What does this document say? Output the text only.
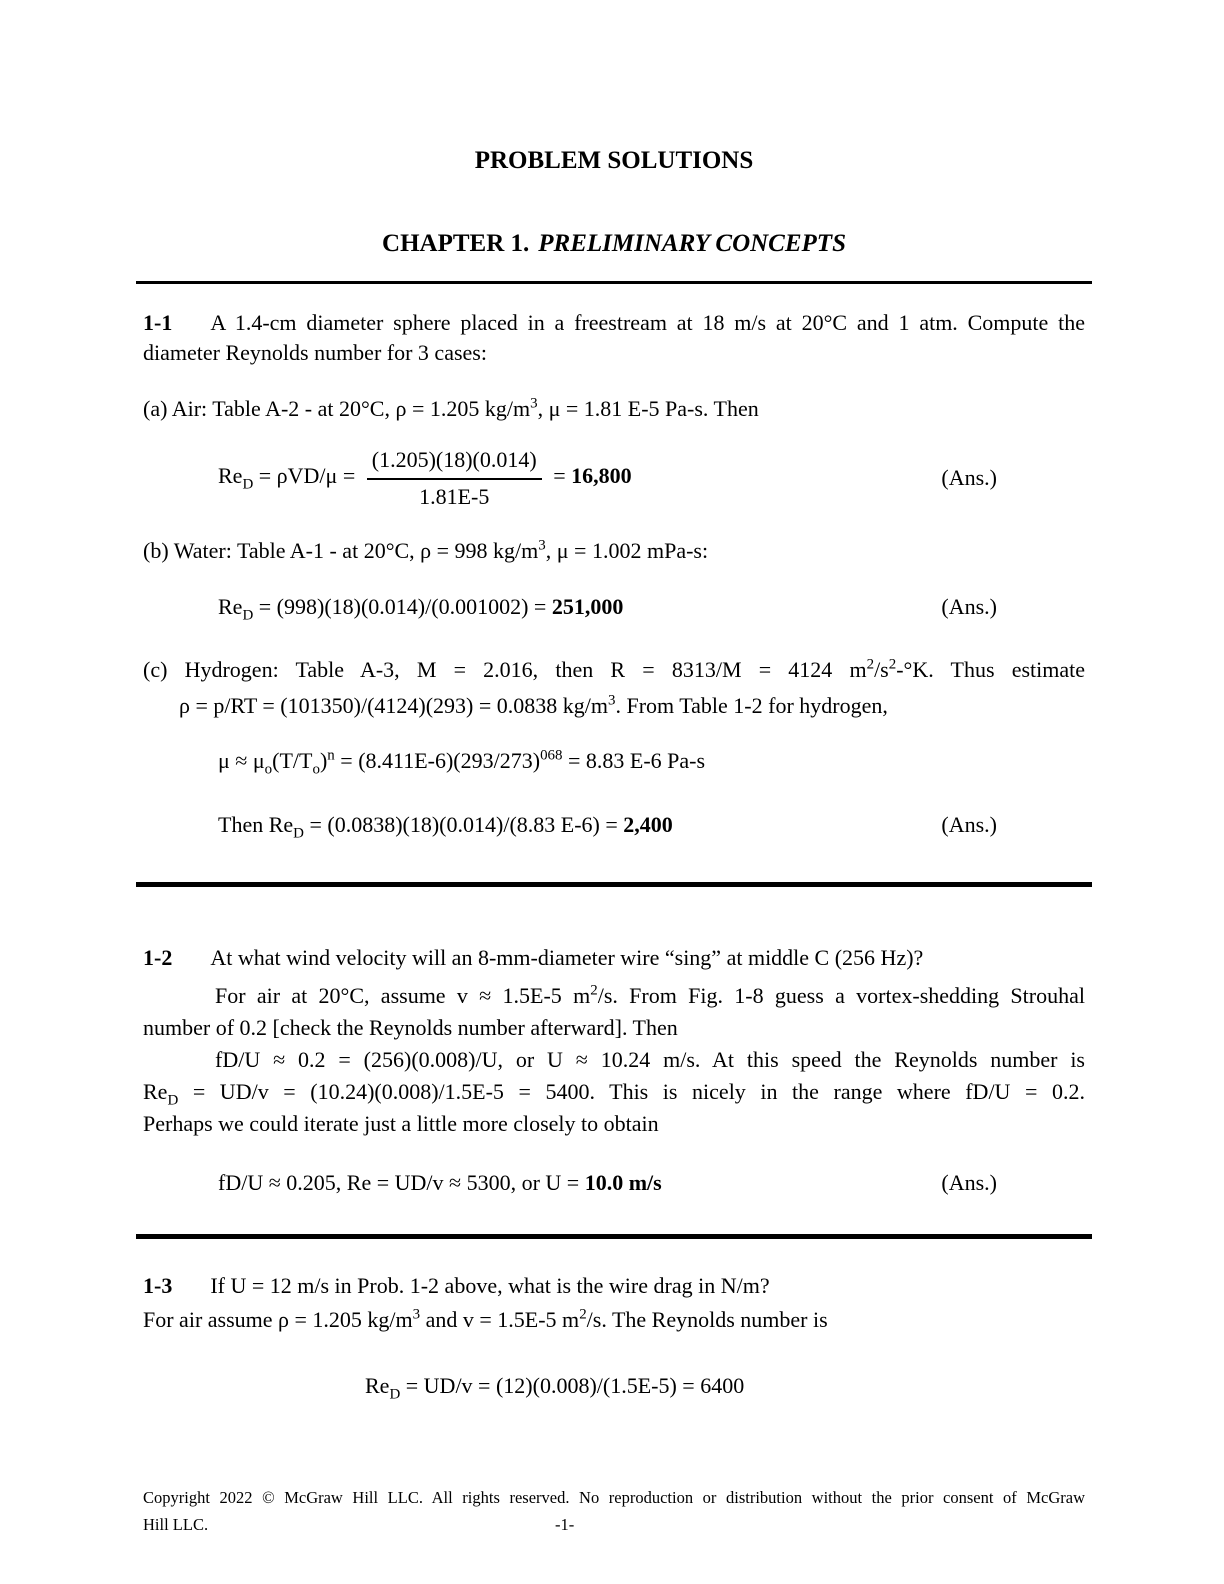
PROBLEM SOLUTIONS
CHAPTER 1. PRELIMINARY CONCEPTS
1-1 A 1.4-cm diameter sphere placed in a freestream at 18 m/s at 20°C and 1 atm. Compute the
diameter Reynolds number for 3 cases:
(a) Air: Table A-2 - at 20°C, ρ = 1.205 $kg/m^3$, μ = 1.81 E-5 Pa-s. Then
$Re_D = \rho VD/\mu = \frac{(1.205)(18)(0.014)}{1.81E-5} = 16,800$	(Ans.)
(b) Water: Table A-1 - at 20°C, ρ = 998 $kg/m^3$, μ = 1.002 mPa-s:
$Re_D = (998)(18)(0.014)/(0.001002) = 251,000$	(Ans.)
(c) Hydrogen: Table A-3, M = 2.016, then R = 8313/M = 4124 $m^2/s^2-^\circ K$. Thus estimate
ρ = p/RT = (101350)/(4124)(293) = 0.0838 $kg/m^3$. From Table 1-2 for hydrogen,
$\mu \approx \mu_o(T/T_o)^n = (8.411E-6)(293/273)^{068} = 8.83$ E-6 Pa-s
Then $Re_D = (0.0838)(18)(0.014)/(8.83$ E-6) = 2,400	(Ans.)
1-2 At what wind velocity will an 8-mm-diameter wire “sing” at middle C (256 Hz)?
For air at 20°C, assume v ≈ 1.5E-5 $m^2/s$. From Fig. 1-8 guess a vortex-shedding Strouhal
number of 0.2 [check the Reynolds number afterward]. Then
fD/U ≈ 0.2 = (256)(0.008)/U, or U ≈ 10.24 m/s. At this speed the Reynolds number is
$Re_D = UD/v = (10.24)(0.008)/1.5E-5 = 5400$. This is nicely in the range where fD/U = 0.2.
Perhaps we could iterate just a little more closely to obtain
fD/U ≈ 0.205, Re = UD/v ≈ 5300, or U = 10.0 m/s	(Ans.)
1-3 If U = 12 m/s in Prob. 1-2 above, what is the wire drag in N/m?
For air assume ρ = 1.205 $kg/m^3$ and v = 1.5E-5 $m^2/s$. The Reynolds number is
$Re_D = UD/v = (12)(0.008)/(1.5E-5) = 6400$
Copyright 2022 © McGraw Hill LLC. All rights reserved. No reproduction or distribution without the prior consent of McGraw
Hill LLC.	-1-
